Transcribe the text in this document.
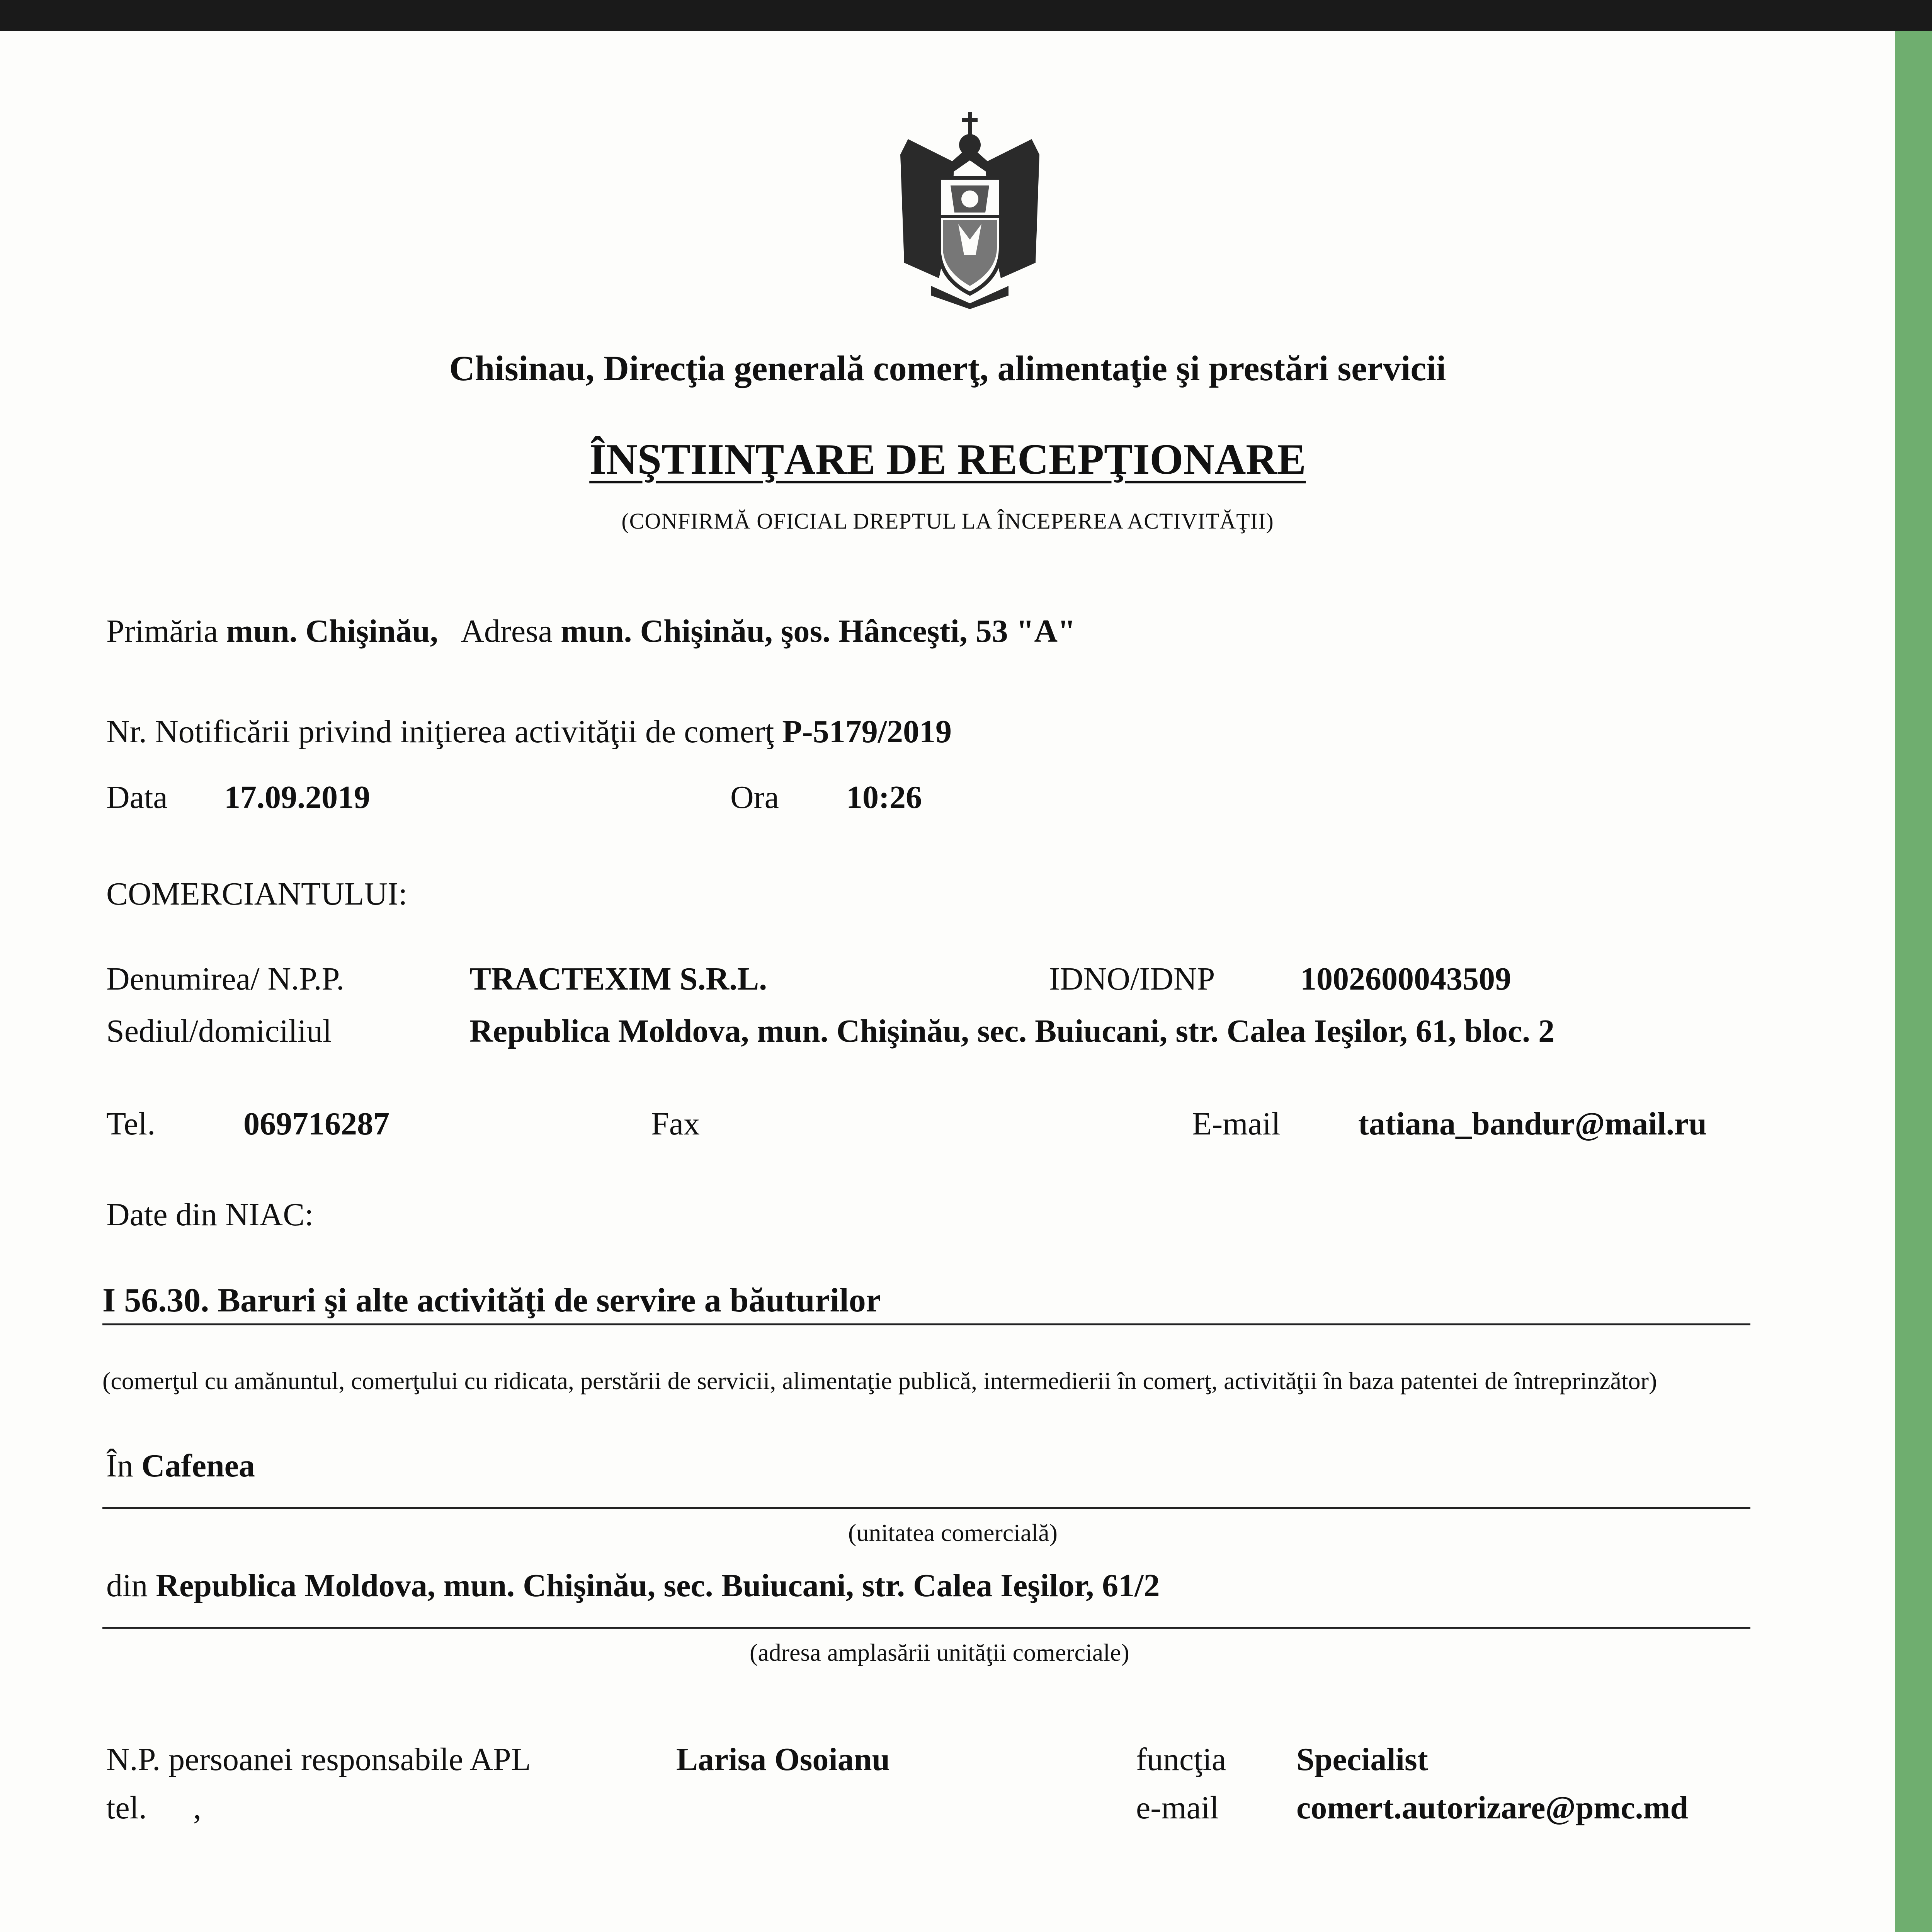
Chisinau, Direcţia generală comerţ, alimentaţie şi prestări servicii
ÎNŞTIINŢARE DE RECEPŢIONARE
(CONFIRMĂ OFICIAL DREPTUL LA ÎNCEPEREA ACTIVITĂŢII)
Primăria mun. Chişinău, Adresa mun. Chişinău, şos. Hânceşti, 53 "A"
Nr. Notificării privind iniţierea activităţii de comerţ P-5179/2019
Data 17.09.2019	Ora 10:26
COMERCIANTULUI:
Denumirea/ N.P.P.	TRACTEXIM S.R.L.	IDNO/IDNP	1002600043509
Sediul/domiciliul	Republica Moldova, mun. Chişinău, sec. Buiucani, str. Calea Ieşilor, 61, bloc. 2
Tel.	069716287	Fax	E-mail tatiana_bandur@mail.ru
Date din NIAC:
I 56.30. Baruri şi alte activităţi de servire a băuturilor
(comerţul cu amănuntul, comerţului cu ridicata, perstării de servicii, alimentaţie publică, intermedierii în comerţ, activităţii în baza patentei de întreprinzător)
În Cafenea
(unitatea comercială)
din Republica Moldova, mun. Chişinău, sec. Buiucani, str. Calea Ieşilor, 61/2
(adresa amplasării unităţii comerciale)
N.P. persoanei responsabile APL	Larisa Osoianu	funcţia Specialist
tel. ,	e-mail comert.autorizare@pmc.md
